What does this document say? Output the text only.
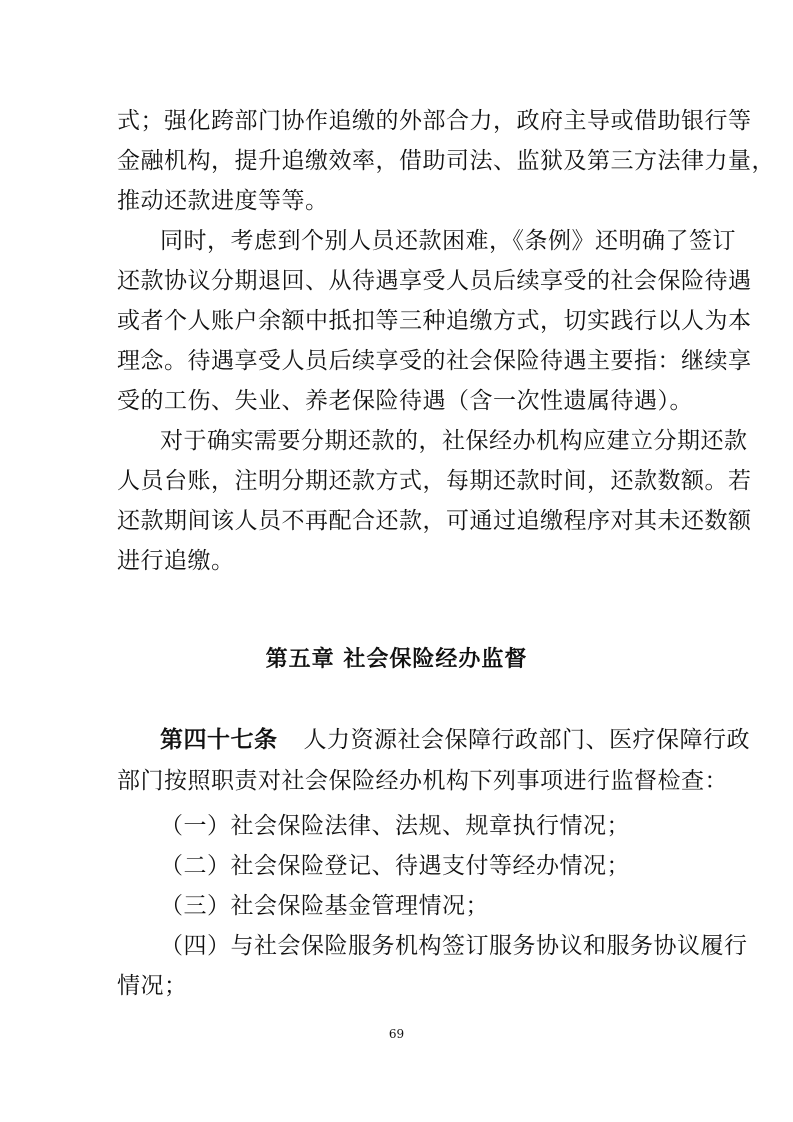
式；强化跨部门协作追缴的外部合力，政府主导或借助银行等
金融机构，提升追缴效率，借助司法、监狱及第三方法律力量，
推动还款进度等等。
同时，考虑到个别人员还款困难，《条例》还明确了签订
还款协议分期退回、从待遇享受人员后续享受的社会保险待遇
或者个人账户余额中抵扣等三种追缴方式，切实践行以人为本
理念。待遇享受人员后续享受的社会保险待遇主要指：继续享
受的工伤、失业、养老保险待遇（含一次性遗属待遇）。
对于确实需要分期还款的，社保经办机构应建立分期还款
人员台账，注明分期还款方式，每期还款时间，还款数额。若
还款期间该人员不再配合还款，可通过追缴程序对其未还数额
进行追缴。
第五章 社会保险经办监督
第四十七条 人力资源社会保障行政部门、医疗保障行政
部门按照职责对社会保险经办机构下列事项进行监督检查：
（一）社会保险法律、法规、规章执行情况；
（二）社会保险登记、待遇支付等经办情况；
（三）社会保险基金管理情况；
（四）与社会保险服务机构签订服务协议和服务协议履行
情况；
69
